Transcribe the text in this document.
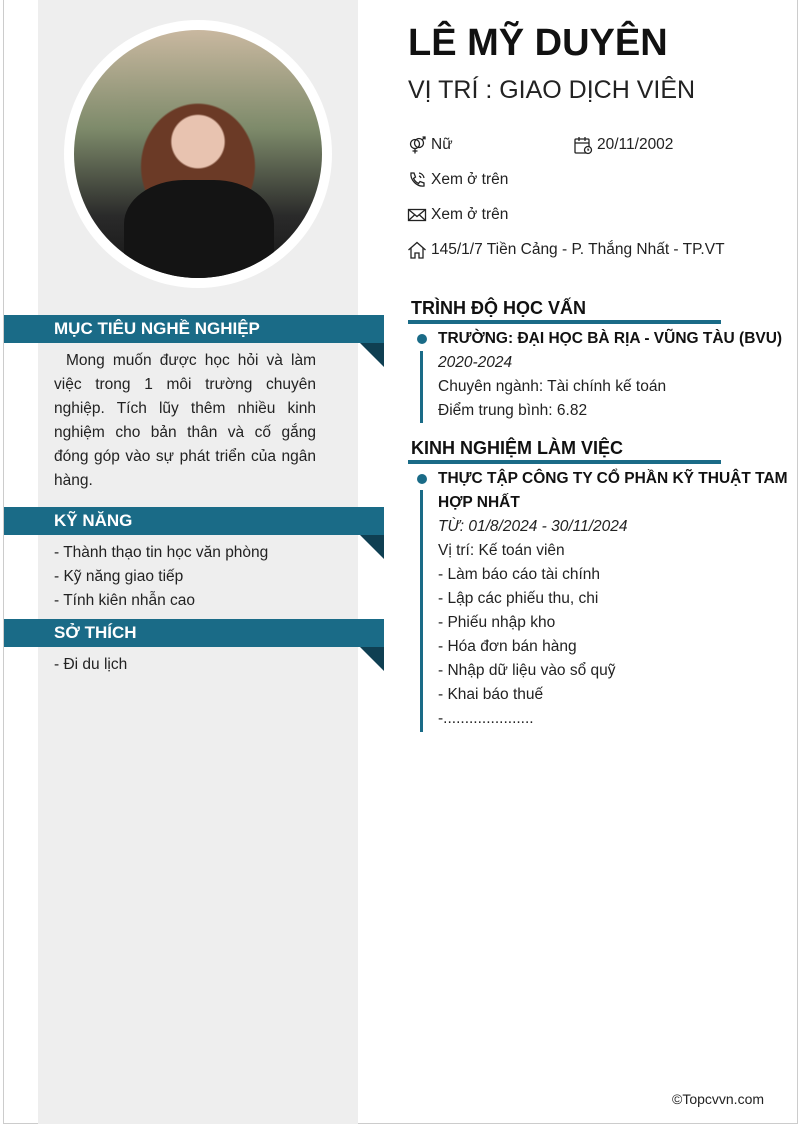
MỤC TIÊU NGHỀ NGHIỆP
Mong muốn được học hỏi và làm việc trong 1 môi trường chuyên nghiệp. Tích lũy thêm nhiều kinh nghiệm cho bản thân và cố gắng đóng góp vào sự phát triển của ngân hàng.
KỸ NĂNG
- Thành thạo tin học văn phòng
- Kỹ năng giao tiếp
- Tính kiên nhẫn cao
SỞ THÍCH
- Đi du lịch
LÊ MỸ DUYÊN
VỊ TRÍ : GIAO DỊCH VIÊN
Nữ	20/11/2002
Xem ở trên
Xem ở trên
145/1/7 Tiền Cảng - P. Thắng Nhất - TP.VT
TRÌNH ĐỘ HỌC VẤN
TRƯỜNG: ĐẠI HỌC BÀ RỊA - VŨNG TÀU (BVU)
2020-2024
Chuyên ngành: Tài chính kế toán
Điểm trung bình: 6.82
KINH NGHIỆM LÀM VIỆC
THỰC TẬP CÔNG TY CỔ PHẦN KỸ THUẬT TAM HỢP NHẤT
TỪ: 01/8/2024 - 30/11/2024
Vị trí: Kế toán viên
- Làm báo cáo tài chính
- Lập các phiếu thu, chi
- Phiếu nhập kho
- Hóa đơn bán hàng
- Nhập dữ liệu vào sổ quỹ
- Khai báo thuế
-.....................
©Topcvvn.com
